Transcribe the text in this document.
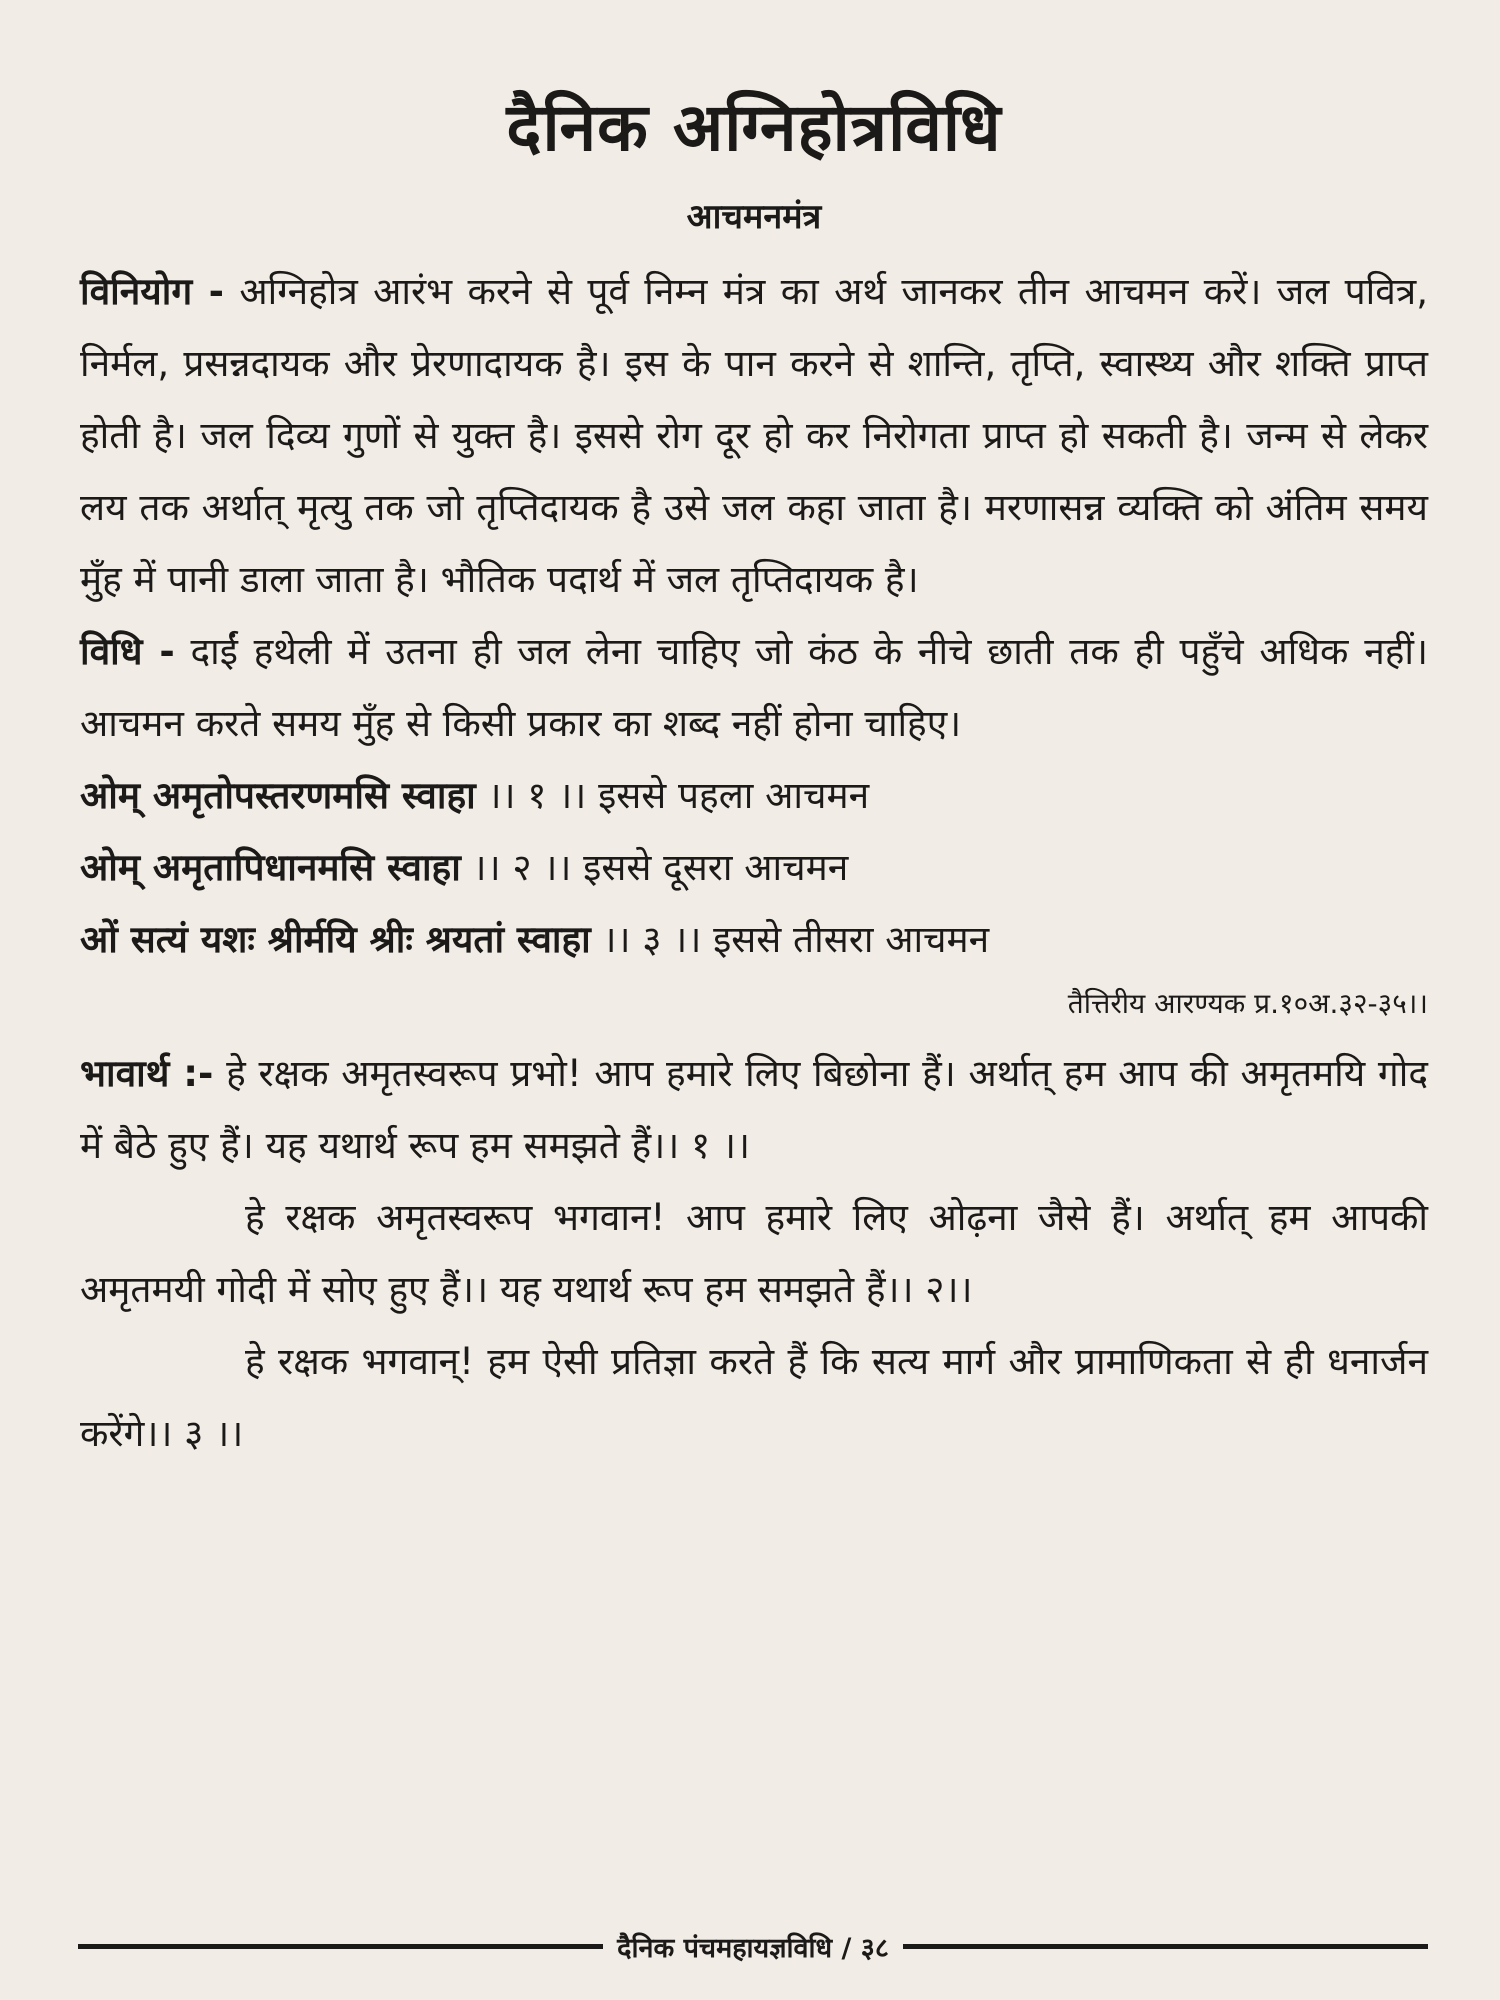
दैनिक अग्निहोत्रविधि
आचमनमंत्र

विनियोग - अग्निहोत्र आरंभ करने से पूर्व निम्न मंत्र का अर्थ जानकर तीन आचमन करें। जल पवित्र, निर्मल, प्रसन्नदायक और प्रेरणादायक है। इस के पान करने से शान्ति, तृप्ति, स्वास्थ्य और शक्ति प्राप्त होती है। जल दिव्य गुणों से युक्त है। इससे रोग दूर हो कर निरोगता प्राप्त हो सकती है। जन्म से लेकर लय तक अर्थात् मृत्यु तक जो तृप्तिदायक है उसे जल कहा जाता है। मरणासन्न व्यक्ति को अंतिम समय मुँह में पानी डाला जाता है। भौतिक पदार्थ में जल तृप्तिदायक है।

विधि - दाईं हथेली में उतना ही जल लेना चाहिए जो कंठ के नीचे छाती तक ही पहुँचे अधिक नहीं। आचमन करते समय मुँह से किसी प्रकार का शब्द नहीं होना चाहिए।

ओम् अमृतोपस्तरणमसि स्वाहा ।। १ ।। इससे पहला आचमन
ओम् अमृतापिधानमसि स्वाहा ।। २ ।। इससे दूसरा आचमन
ओं सत्यं यशः श्रीर्मयि श्रीः श्रयतां स्वाहा ।। ३ ।। इससे तीसरा आचमन
तैत्तिरीय आरण्यक प्र.१०अ.३२-३५।।

भावार्थ :- हे रक्षक अमृतस्वरूप प्रभो! आप हमारे लिए बिछोना हैं। अर्थात् हम आप की अमृतमयि गोद में बैठे हुए हैं। यह यथार्थ रूप हम समझते हैं।। १ ।।

हे रक्षक अमृतस्वरूप भगवान! आप हमारे लिए ओढ़ना जैसे हैं। अर्थात् हम आपकी अमृतमयी गोदी में सोए हुए हैं।। यह यथार्थ रूप हम समझते हैं।। २।।

हे रक्षक भगवान्! हम ऐसी प्रतिज्ञा करते हैं कि सत्य मार्ग और प्रामाणिकता से ही धनार्जन करेंगे।। ३ ।।

दैनिक पंचमहायज्ञविधि / ३८
